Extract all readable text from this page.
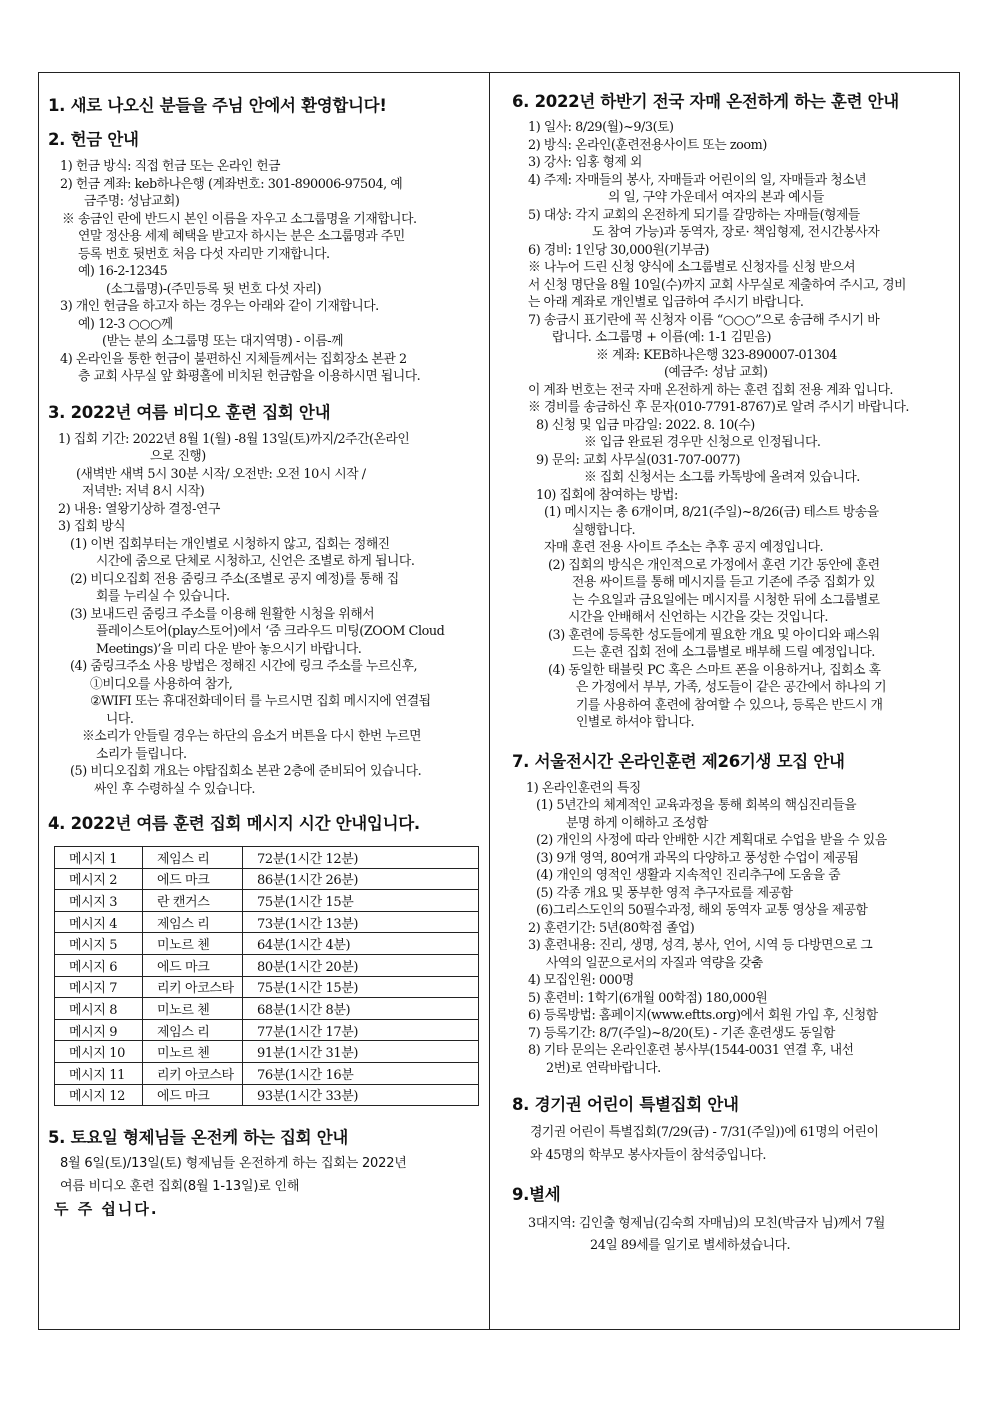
1. 새로 나오신 분들을 주님 안에서 환영합니다!
2. 헌금 안내
1) 헌금 방식: 직접 헌금 또는 온라인 헌금
2) 헌금 계좌: keb하나은행 (계좌번호: 301-890006-97504, 예
금주명: 성남교회)
※ 송금인 란에 반드시 본인 이름을 자우고 소그룹명을 기재합니다.
연말 정산용 세제 혜택을 받고자 하시는 분은 소그룹명과 주민
등록 번호 뒷번호 처음 다섯 자리만 기재합니다.
예) 16-2-12345
(소그룹명)-(주민등록 뒷 번호 다섯 자리)
3) 개인 헌금을 하고자 하는 경우는 아래와 같이 기재합니다.
예) 12-3 ○○○께
(받는 분의 소그룹명 또는 대지역명) - 이름-께
4) 온라인을 통한 헌금이 불편하신 지체들께서는 집회장소 본관 2
층 교회 사무실 앞 화평홀에 비치된 헌금함을 이용하시면 됩니다.
3. 2022년 여름 비디오 훈련 집회 안내
1) 집회 기간: 2022년 8월 1(월) -8월 13일(토)까지/2주간(온라인
으로 진행)
(새벽반 새벽 5시 30분 시작/ 오전반: 오전 10시 시작 /
저녁반: 저녁 8시 시작)
2) 내용: 열왕기상하 결정-연구
3) 집회 방식
(1) 이번 집회부터는 개인별로 시청하지 않고, 집회는 정해진
시간에 줌으로 단체로 시청하고, 신언은 조별로 하게 됩니다.
(2) 비디오집회 전용 줌링크 주소(조별로 공지 예정)를 통해 집
회를 누리실 수 있습니다.
(3) 보내드린 줌링크 주소를 이용해 원활한 시청을 위해서
플레이스토어(play스토어)에서 ‘줌 크라우드 미팅(ZOOM Cloud
Meetings)’을 미리 다운 받아 놓으시기 바랍니다.
(4) 줌링크주소 사용 방법은 정해진 시간에 링크 주소를 누르신후,
①비디오를 사용하여 참가,
②WIFI 또는 휴대전화데이터 를 누르시면 집회 메시지에 연결됩
니다.
※소리가 안들릴 경우는 하단의 음소거 버튼을 다시 한번 누르면
소리가 들립니다.
(5) 비디오집회 개요는 야탑집회소 본관 2층에 준비되어 있습니다.
싸인 후 수령하실 수 있습니다.
4. 2022년 여름 훈련 집회 메시지 시간 안내입니다.
메시지 1	제임스 리	72분(1시간 12분)
메시지 2	에드 마크	86분(1시간 26분)
메시지 3	란 캔거스	75분(1시간 15분
메시지 4	제임스 리	73분(1시간 13분)
메시지 5	미노르 첸	64분(1시간 4분)
메시지 6	에드 마크	80분(1시간 20분)
메시지 7	리키 아코스타	75분(1시간 15분)
메시지 8	미노르 첸	68분(1시간 8분)
메시지 9	제임스 리	77분(1시간 17분)
메시지 10	미노르 첸	91분(1시간 31분)
메시지 11	리키 아코스타	76분(1시간 16분
메시지 12	에드 마크	93분(1시간 33분)
5. 토요일 형제님들 온전케 하는 집회 안내
8월 6일(토)/13일(토) 형제님들 온전하게 하는 집회는 2022년
여름 비디오 훈련 집회(8월 1-13일)로 인해
두 주 쉽니다.
6. 2022년 하반기 전국 자매 온전하게 하는 훈련 안내
1) 일사: 8/29(월)~9/3(토)
2) 방식: 온라인(훈련전용사이트 또는 zoom)
3) 강사: 임홍 형제 외
4) 주제: 자매들의 봉사, 자매들과 어린이의 일, 자매들과 청소년
의 일, 구약 가운데서 여자의 본과 예시들
5) 대상: 각지 교회의 온전하게 되기를 갈망하는 자매들(형제들
도 참여 가능)과 동역자, 장로· 책임형제, 전시간봉사자
6) 경비: 1인당 30,000원(기부금)
※ 나누어 드린 신청 양식에 소그룹별로 신청자를 신청 받으셔
서 신청 명단을 8월 10일(수)까지 교회 사무실로 제출하여 주시고, 경비
는 아래 계좌로 개인별로 입금하여 주시기 바랍니다.
7) 송금시 표기란에 꼭 신청자 이름 “○○○”으로 송금해 주시기 바
랍니다. 소그룹명 + 이름(예: 1-1 김믿음)
※ 계좌: KEB하나은행 323-890007-01304
(예금주: 성남 교회)
이 계좌 번호는 전국 자매 온전하게 하는 훈련 집회 전용 계좌 입니다.
※ 경비를 송금하신 후 문자(010-7791-8767)로 알려 주시기 바랍니다.
8) 신청 및 입금 마감일: 2022. 8. 10(수)
※ 입금 완료된 경우만 신청으로 인정됩니다.
9) 문의: 교회 사무실(031-707-0077)
※ 집회 신청서는 소그룹 카톡방에 올려져 있습니다.
10) 집회에 참여하는 방법:
(1) 메시지는 총 6개이며, 8/21(주일)~8/26(금) 테스트 방송을
실행합니다.
자매 훈련 전용 사이트 주소는 추후 공지 예정입니다.
(2) 집회의 방식은 개인적으로 가정에서 훈련 기간 동안에 훈련
전용 싸이트를 통해 메시지를 듣고 기존에 주중 집회가 있
는 수요일과 금요일에는 메시지를 시청한 뒤에 소그룹별로
시간을 안배해서 신언하는 시간을 갖는 것입니다.
(3) 훈련에 등록한 성도들에게 필요한 개요 및 아이디와 패스워
드는 훈련 집회 전에 소그룹별로 배부해 드릴 예정입니다.
(4) 동일한 태블릿 PC 혹은 스마트 폰을 이용하거나, 집회소 혹
은 가정에서 부부, 가족, 성도들이 같은 공간에서 하나의 기
기를 사용하여 훈련에 참여할 수 있으나, 등록은 반드시 개
인별로 하셔야 합니다.
7. 서울전시간 온라인훈련 제26기생 모집 안내
1) 온라인훈련의 특징
(1) 5년간의 체계적인 교육과정을 통해 회복의 핵심진리들을
분명 하게 이해하고 조성함
(2) 개인의 사정에 따라 안배한 시간 계획대로 수업을 받을 수 있음
(3) 9개 영역, 80여개 과목의 다양하고 풍성한 수업이 제공됨
(4) 개인의 영적인 생활과 지속적인 진리추구에 도움을 줌
(5) 각종 개요 및 풍부한 영적 추구자료를 제공함
(6)그리스도인의 50필수과정, 해외 동역자 교통 영상을 제공함
2) 훈련기간: 5년(80학점 졸업)
3) 훈련내용: 진리, 생명, 성격, 봉사, 언어, 시역 등 다방면으로 그
사역의 일꾼으로서의 자질과 역량을 갖춤
4) 모집인원: 000명
5) 훈련비: 1학기(6개월 00학점) 180,000원
6) 등록방법: 홈페이지(www.eftts.org)에서 회원 가입 후, 신청함
7) 등록기간: 8/7(주일)~8/20(토) - 기존 훈련생도 동일함
8) 기타 문의는 온라인훈련 봉사부(1544-0031 연결 후, 내선
2번)로 연락바랍니다.
8. 경기권 어린이 특별집회 안내
경기권 어린이 특별집회(7/29(금) - 7/31(주일))에 61명의 어린이
와 45명의 학부모 봉사자들이 참석중입니다.
9.별세
3대지역: 김인출 형제님(김숙희 자매님)의 모친(박금자 님)께서 7월
24일 89세를 일기로 별세하셨습니다.
